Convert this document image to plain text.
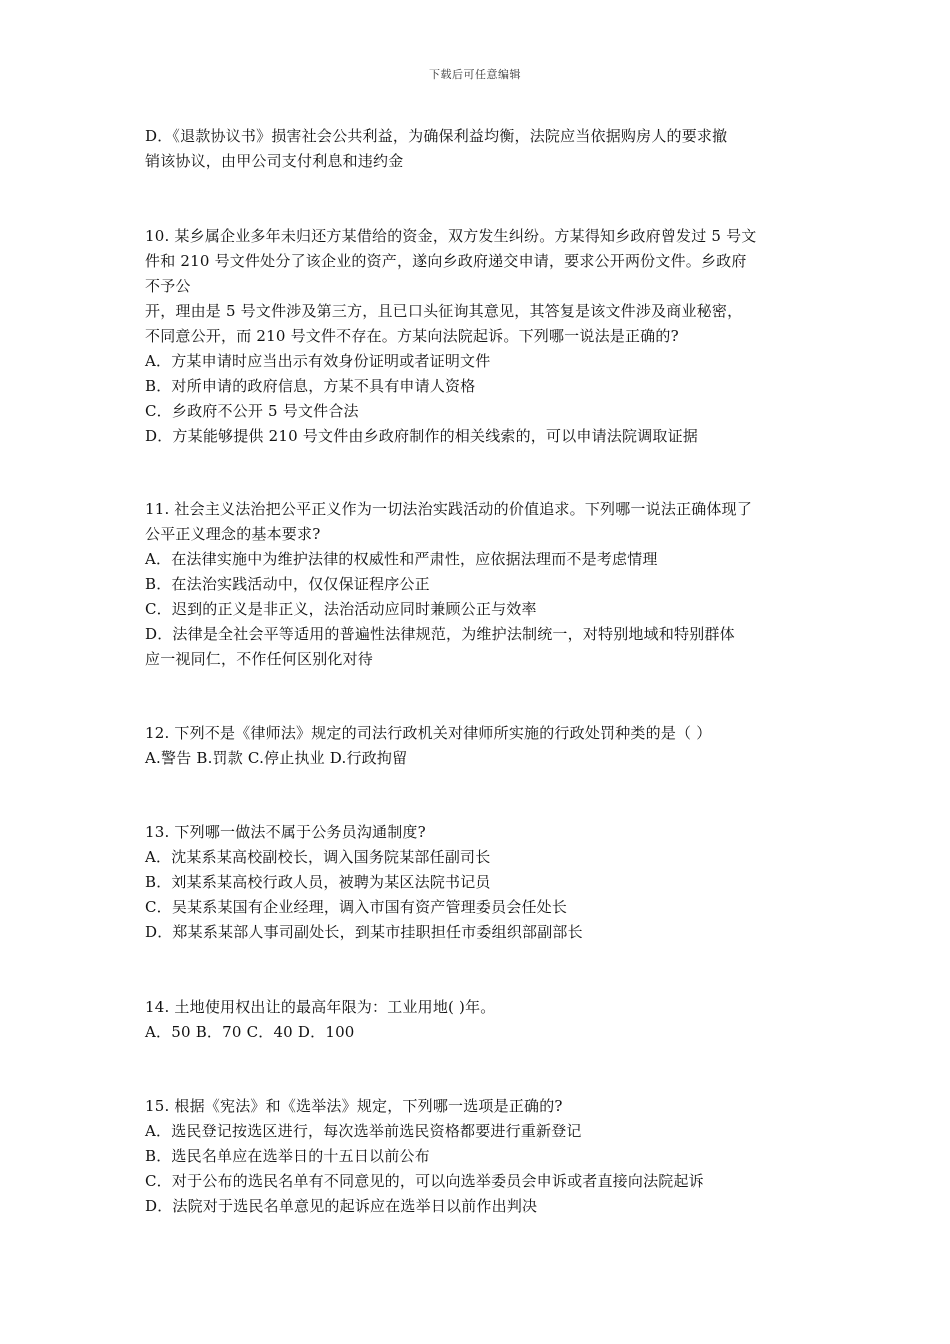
下载后可任意编辑
D．《退款协议书》损害社会公共利益，为确保利益均衡，法院应当依据购房人的要求撤
销该协议，由甲公司支付利息和违约金
10. 某乡属企业多年未归还方某借给的资金，双方发生纠纷。方某得知乡政府曾发过 5 号文
件和 210 号文件处分了该企业的资产，遂向乡政府递交申请，要求公开两份文件。乡政府
不予公
开，理由是 5 号文件涉及第三方，且已口头征询其意见，其答复是该文件涉及商业秘密，
不同意公开，而 210 号文件不存在。方某向法院起诉。下列哪一说法是正确的?
A．方某申请时应当出示有效身份证明或者证明文件
B．对所申请的政府信息，方某不具有申请人资格
C．乡政府不公开 5 号文件合法
D．方某能够提供 210 号文件由乡政府制作的相关线索的，可以申请法院调取证据
11. 社会主义法治把公平正义作为一切法治实践活动的价值追求。下列哪一说法正确体现了
公平正义理念的基本要求?
A．在法律实施中为维护法律的权威性和严肃性，应依据法理而不是考虑情理
B．在法治实践活动中，仅仅保证程序公正
C．迟到的正义是非正义，法治活动应同时兼顾公正与效率
D．法律是全社会平等适用的普遍性法律规范，为维护法制统一，对特别地域和特别群体
应一视同仁，不作任何区别化对待
12. 下列不是《律师法》规定的司法行政机关对律师所实施的行政处罚种类的是（ ）
A.警告 B.罚款 C.停止执业 D.行政拘留
13. 下列哪一做法不属于公务员沟通制度?
A．沈某系某高校副校长，调入国务院某部任副司长
B．刘某系某高校行政人员，被聘为某区法院书记员
C．吴某系某国有企业经理，调入市国有资产管理委员会任处长
D．郑某系某部人事司副处长，到某市挂职担任市委组织部副部长
14. 土地使用权出让的最高年限为：工业用地( )年。
A．50 B．70 C．40 D．100
15. 根据《宪法》和《选举法》规定，下列哪一选项是正确的?
A．选民登记按选区进行，每次选举前选民资格都要进行重新登记
B．选民名单应在选举日的十五日以前公布
C．对于公布的选民名单有不同意见的，可以向选举委员会申诉或者直接向法院起诉
D．法院对于选民名单意见的起诉应在选举日以前作出判决
